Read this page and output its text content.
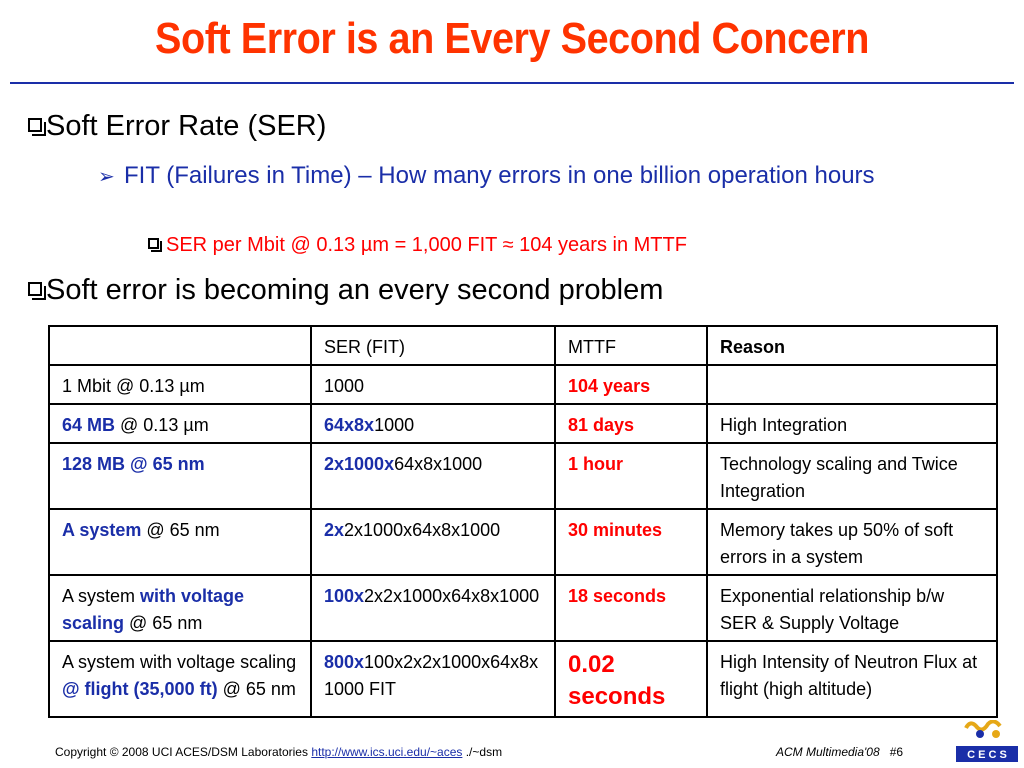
Soft Error is an Every Second Concern
Soft Error Rate (SER)
➢ FIT (Failures in Time) – How many errors in one billion operation hours
SER per Mbit @ 0.13 µm = 1,000 FIT ≈ 104 years in MTTF
Soft error is becoming an every second problem
	SER (FIT)	MTTF	Reason
1 Mbit @ 0.13 µm	1000	104 years	
64 MB @ 0.13 µm	64x8x1000	81 days	High Integration
128 MB @ 65 nm	2x1000x64x8x1000	1 hour	Technology scaling and Twice Integration
A system @ 65 nm	2x2x1000x64x8x1000	30 minutes	Memory takes up 50% of soft errors in a system
A system with voltage scaling @ 65 nm	100x2x2x1000x64x8x1000	18 seconds	Exponential relationship b/w SER & Supply Voltage
A system with voltage scaling @ flight (35,000 ft) @ 65 nm	800x100x2x2x1000x64x8x1000 FIT	0.02 seconds	High Intensity of Neutron Flux at flight (high altitude)
Copyright © 2008 UCI ACES/DSM Laboratories http://www.ics.uci.edu/~aces ./~dsm	ACM Multimedia'08 #6	C E C S
